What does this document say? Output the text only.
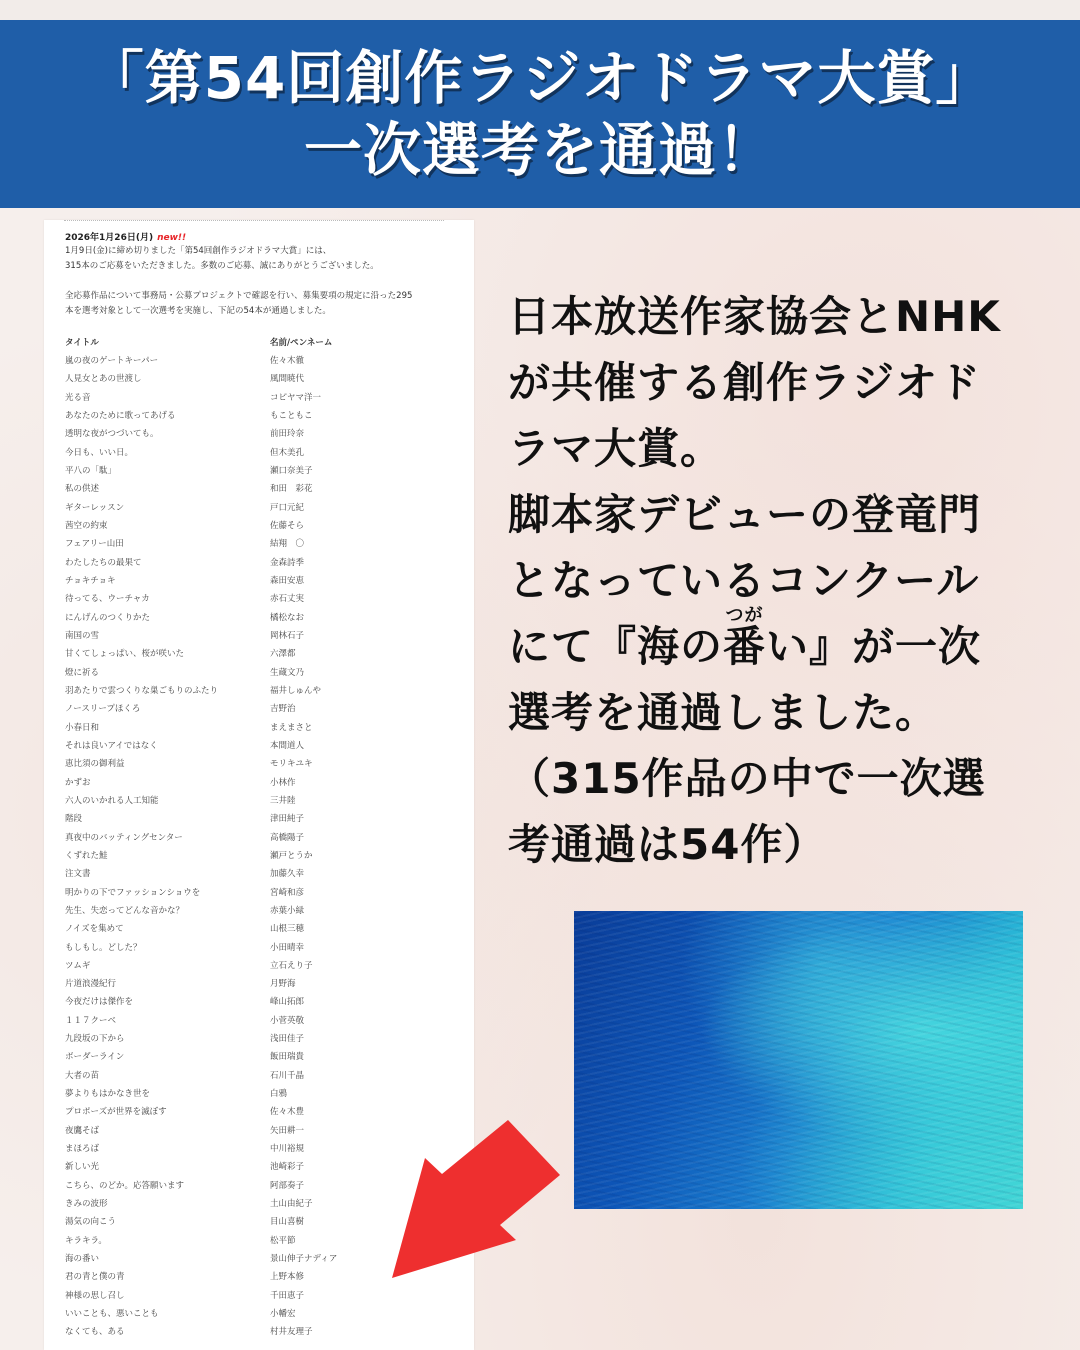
「第54回創作ラジオドラマ大賞」
一次選考を通過！
2026年1月26日(月) new!!
1月9日(金)に締め切りました「第54回創作ラジオドラマ大賞」には、
315本のご応募をいただきました。多数のご応募、誠にありがとうございました。
全応募作品について事務局・公募プロジェクトで確認を行い、募集要項の規定に沿った295
本を選考対象として一次選考を実施し、下記の54本が通過しました。
タイトル	名前/ペンネーム
嵐の夜のゲートキーパー	佐々木徹
人見女とあの世渡し	風間暁代
光る音	コピヤマ洋一
あなたのために歌ってあげる	もこともこ
透明な夜がつづいても。	前田玲奈
今日も、いい日。	但木美孔
平八の「駄」	瀬口奈美子
私の供述	和田　彩花
ギターレッスン	戸口元紀
茜空の約束	佐藤そら
フェアリー山田	結翔　〇
わたしたちの最果て	金森詩季
チョキチョキ	森田安恵
待ってる、ウーチャカ	赤石丈実
にんげんのつくりかた	橘松なお
南国の雪	岡林石子
甘くてしょっぱい、桜が咲いた	六澤都
燈に祈る	生蔵文乃
羽あたりで雲つくりな巣ごもりのふたり	福井しゅんや
ノースリープほくろ	吉野治
小春日和	まえまさと
それは良いアイではなく	本間道人
恵比須の御利益	モリキユキ
かずお	小林作
六人のいかれる人工知能	三井陸
階段	津田純子
真夜中のバッティングセンター	高橋陽子
くずれた鮭	瀬戸とうか
注文書	加藤久幸
明かりの下でファッションショウを	宮崎和彦
先生、失恋ってどんな音かな？	赤葉小緑
ノイズを集めて	山根三穂
もしもし。どした？	小田晴幸
ツムギ	立石えり子
片道浪漫紀行	月野海
今夜だけは傑作を	峰山拓郎
１１７クーベ	小菅英敬
九段坂の下から	浅田佳子
ボーダーライン	飯田瑞貴
大者の苗	石川千晶
夢よりもはかなき世を	白鴉
プロポーズが世界を滅ぼす	佐々木豊
夜鷹そば	矢田耕一
まほろば	中川裕規
新しい光	池崎彩子
こちら、のどか。応答願います	阿部奏子
きみの波形	土山由紀子
湯気の向こう	目山喜樹
キラキラ。	松平節
海の番い	景山伸子ナディア
君の青と僕の青	上野本修
神様の思し召し	千田恵子
いいことも、悪いことも	小幡宏
なくても、ある	村井友理子
日本放送作家協会とNHK
が共催する創作ラジオド
ラマ大賞。
脚本家デビューの登竜門
となっているコンクール
にて『海の
つが
番い』が一次
選考を通過しました。
（315作品の中で一次選
考通過は54作）
